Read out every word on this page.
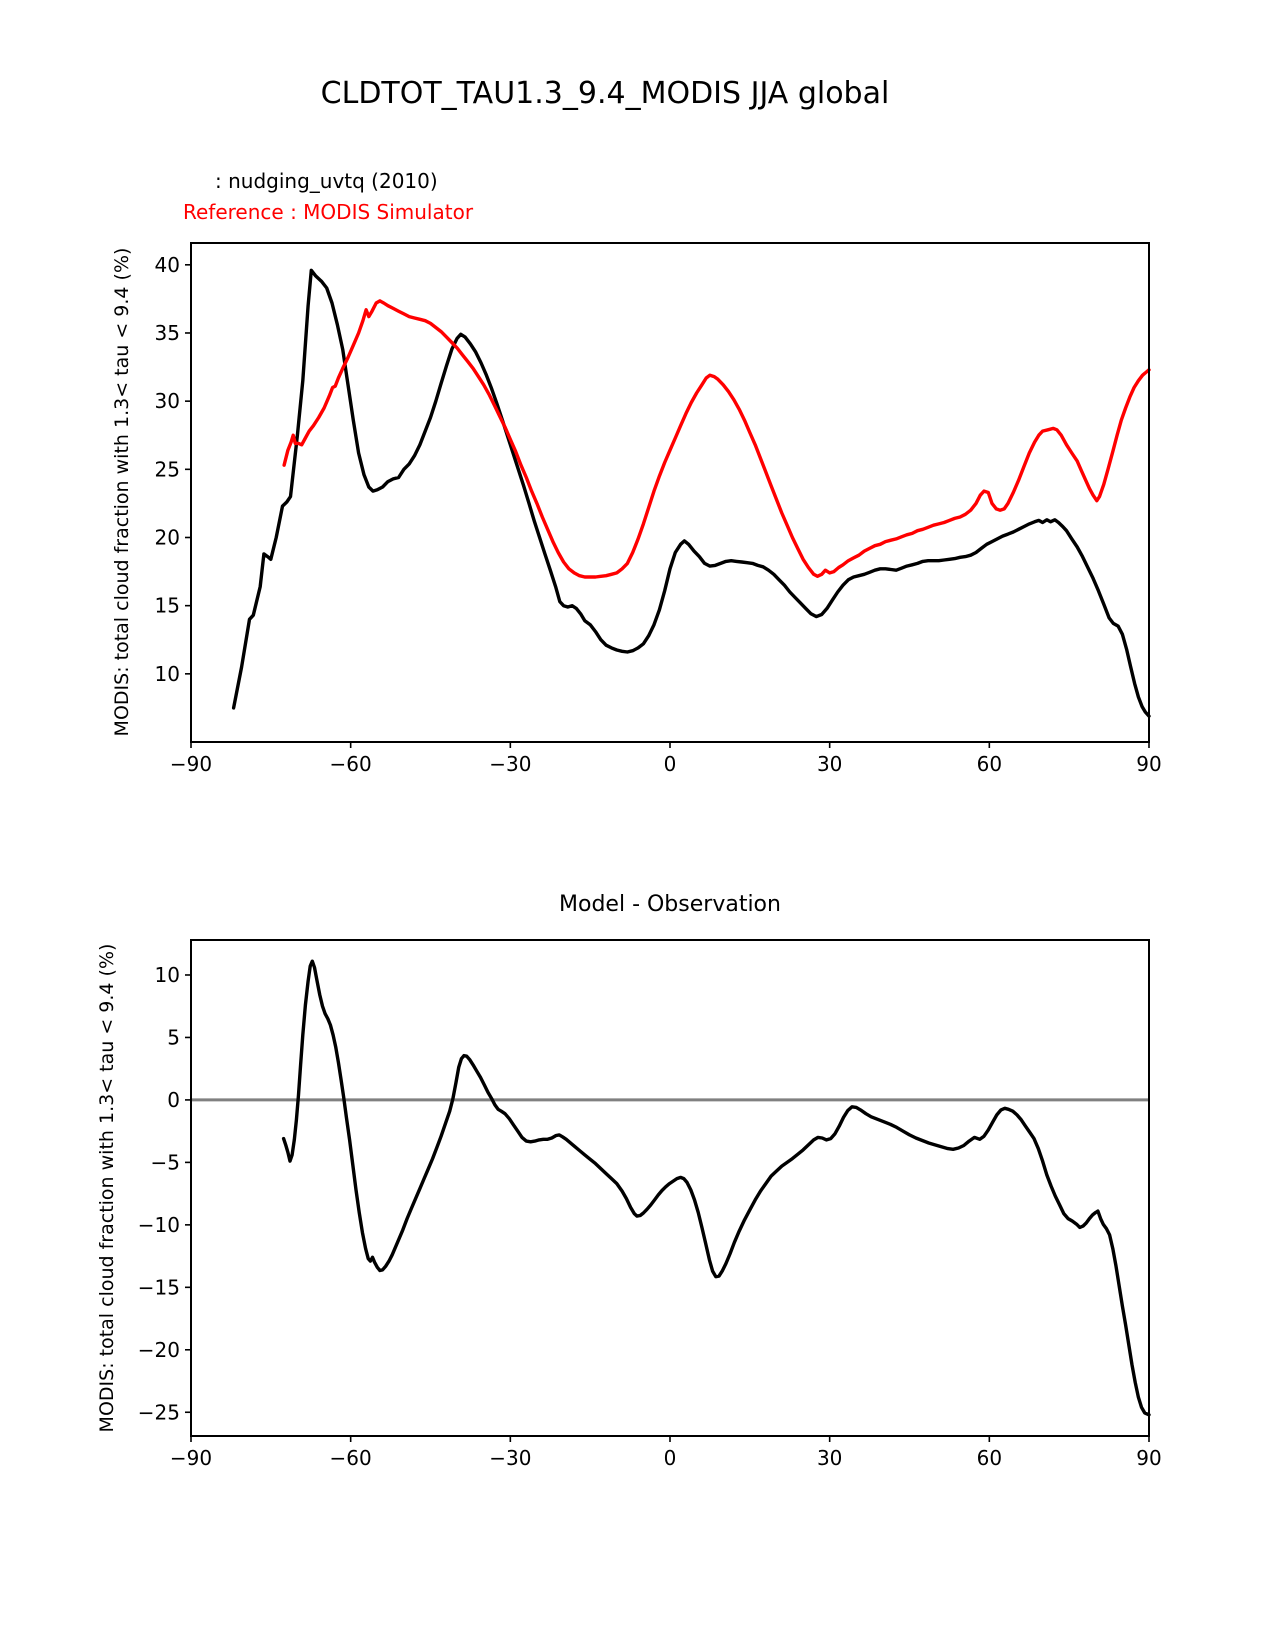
CLDTOT_TAU1.3_9.4_MODIS JJA global
: nudging_uvtq (2010)
Reference : MODIS Simulator
MODIS: total cloud fraction with 1.3< tau < 9.4 (%)
−90	−60	−30	0	30	60	90
10
15
20
25
30
35
40
Model - Observation
MODIS: total cloud fraction with 1.3< tau < 9.4 (%)
−90	−60	−30	0	30	60	90
−25
−20
−15
−10
−5
0
5
10
